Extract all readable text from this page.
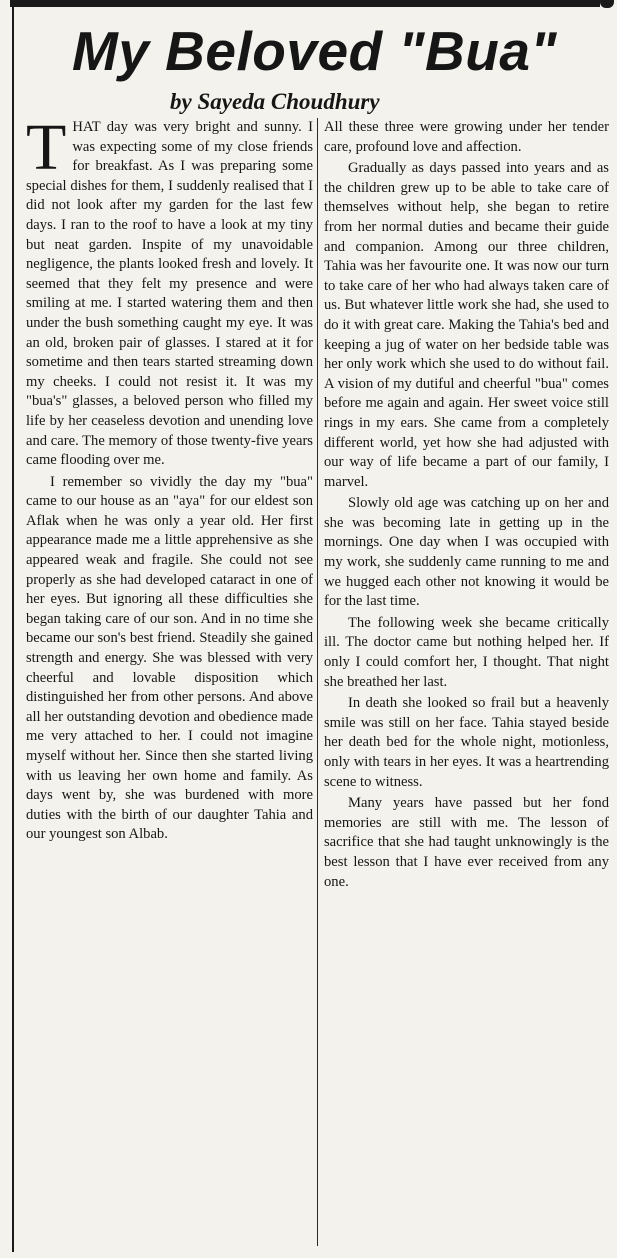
My Beloved "Bua"
by Sayeda Choudhury

THAT day was very bright and sunny. I was expecting some of my close friends for breakfast. As I was preparing some special dishes for them, I suddenly realised that I did not look after my garden for the last few days. I ran to the roof to have a look at my tiny but neat garden. Inspite of my unavoidable negligence, the plants looked fresh and lovely. It seemed that they felt my presence and were smiling at me. I started watering them and then under the bush something caught my eye. It was an old, broken pair of glasses. I stared at it for sometime and then tears started streaming down my cheeks. I could not resist it. It was my "bua's" glasses, a beloved person who filled my life by her ceaseless devotion and unending love and care. The memory of those twenty-five years came flooding over me.

I remember so vividly the day my "bua" came to our house as an "aya" for our eldest son Aflak when he was only a year old. Her first appearance made me a little apprehensive as she appeared weak and fragile. She could not see properly as she had developed cataract in one of her eyes. But ignoring all these difficulties she began taking care of our son. And in no time she became our son's best friend. Steadily she gained strength and energy. She was blessed with very cheerful and lovable disposition which distinguished her from other persons. And above all her outstanding devotion and obedience made me very attached to her. I could not imagine myself without her. Since then she started living with us leaving her own home and family. As days went by, she was burdened with more duties with the birth of our daughter Tahia and our youngest son Albab.

All these three were growing under her tender care, profound love and affection.

Gradually as days passed into years and as the children grew up to be able to take care of themselves without help, she began to retire from her normal duties and became their guide and companion. Among our three children, Tahia was her favourite one. It was now our turn to take care of her who had always taken care of us. But whatever little work she had, she used to do it with great care. Making the Tahia's bed and keeping a jug of water on her bedside table was her only work which she used to do without fail. A vision of my dutiful and cheerful "bua" comes before me again and again. Her sweet voice still rings in my ears. She came from a completely different world, yet how she had adjusted with our way of life became a part of our family, I marvel.

Slowly old age was catching up on her and she was becoming late in getting up in the mornings. One day when I was occupied with my work, she suddenly came running to me and we hugged each other not knowing it would be for the last time.

The following week she became critically ill. The doctor came but nothing helped her. If only I could comfort her, I thought. That night she breathed her last.

In death she looked so frail but a heavenly smile was still on her face. Tahia stayed beside her death bed for the whole night, motionless, only with tears in her eyes. It was a heartrending scene to witness.

Many years have passed but her fond memories are still with me. The lesson of sacrifice that she had taught unknowingly is the best lesson that I have ever received from any one.
